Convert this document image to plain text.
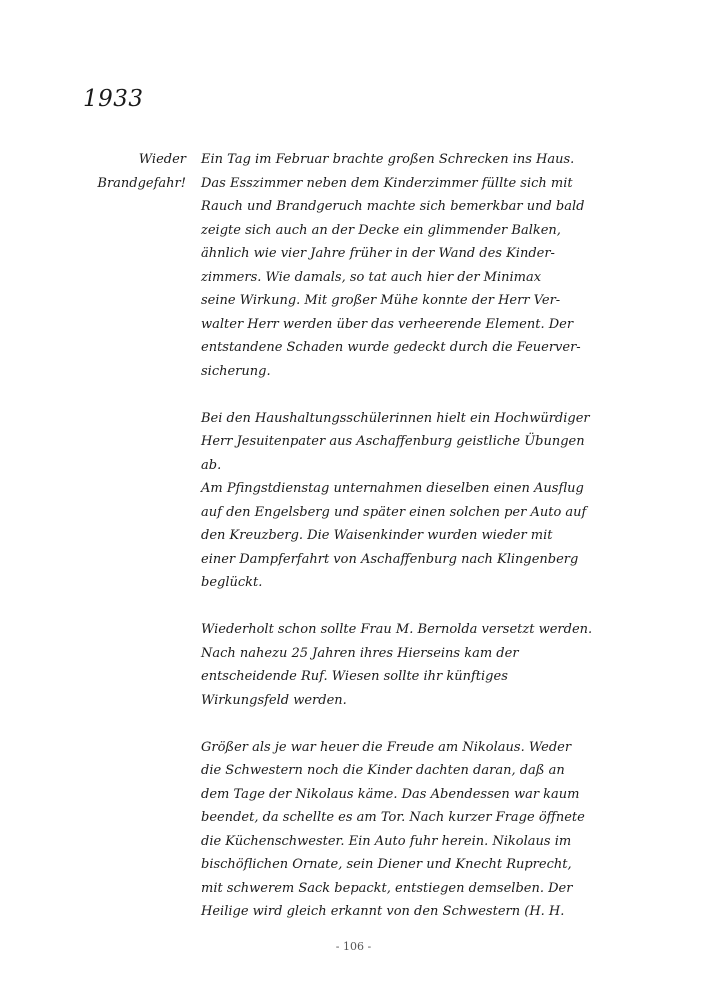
1933
Wieder
Brandgefahr!
Ein Tag im Februar brachte großen Schrecken ins Haus.
Das Esszimmer neben dem Kinderzimmer füllte sich mit
Rauch und Brandgeruch machte sich bemerkbar und bald
zeigte sich auch an der Decke ein glimmender Balken,
ähnlich wie vier Jahre früher in der Wand des Kinder-
zimmers. Wie damals, so tat auch hier der Minimax
seine Wirkung. Mit großer Mühe konnte der Herr Ver-
walter Herr werden über das verheerende Element. Der
entstandene Schaden wurde gedeckt durch die Feuerver-
sicherung.
Bei den Haushaltungsschülerinnen hielt ein Hochwürdiger
Herr Jesuitenpater aus Aschaffenburg geistliche Übungen
ab.
Am Pfingstdienstag unternahmen dieselben einen Ausflug
auf den Engelsberg und später einen solchen per Auto auf
den Kreuzberg. Die Waisenkinder wurden wieder mit
einer Dampferfahrt von Aschaffenburg nach Klingenberg
beglückt.
Wiederholt schon sollte Frau M. Bernolda versetzt werden.
Nach nahezu 25 Jahren ihres Hierseins kam der
entscheidende Ruf. Wiesen sollte ihr künftiges
Wirkungsfeld werden.
Größer als je war heuer die Freude am Nikolaus. Weder
die Schwestern noch die Kinder dachten daran, daß an
dem Tage der Nikolaus käme. Das Abendessen war kaum
beendet, da schellte es am Tor. Nach kurzer Frage öffnete
die Küchenschwester. Ein Auto fuhr herein. Nikolaus im
bischöflichen Ornate, sein Diener und Knecht Ruprecht,
mit schwerem Sack bepackt, entstiegen demselben. Der
Heilige wird gleich erkannt von den Schwestern (H. H.
- 106 -
